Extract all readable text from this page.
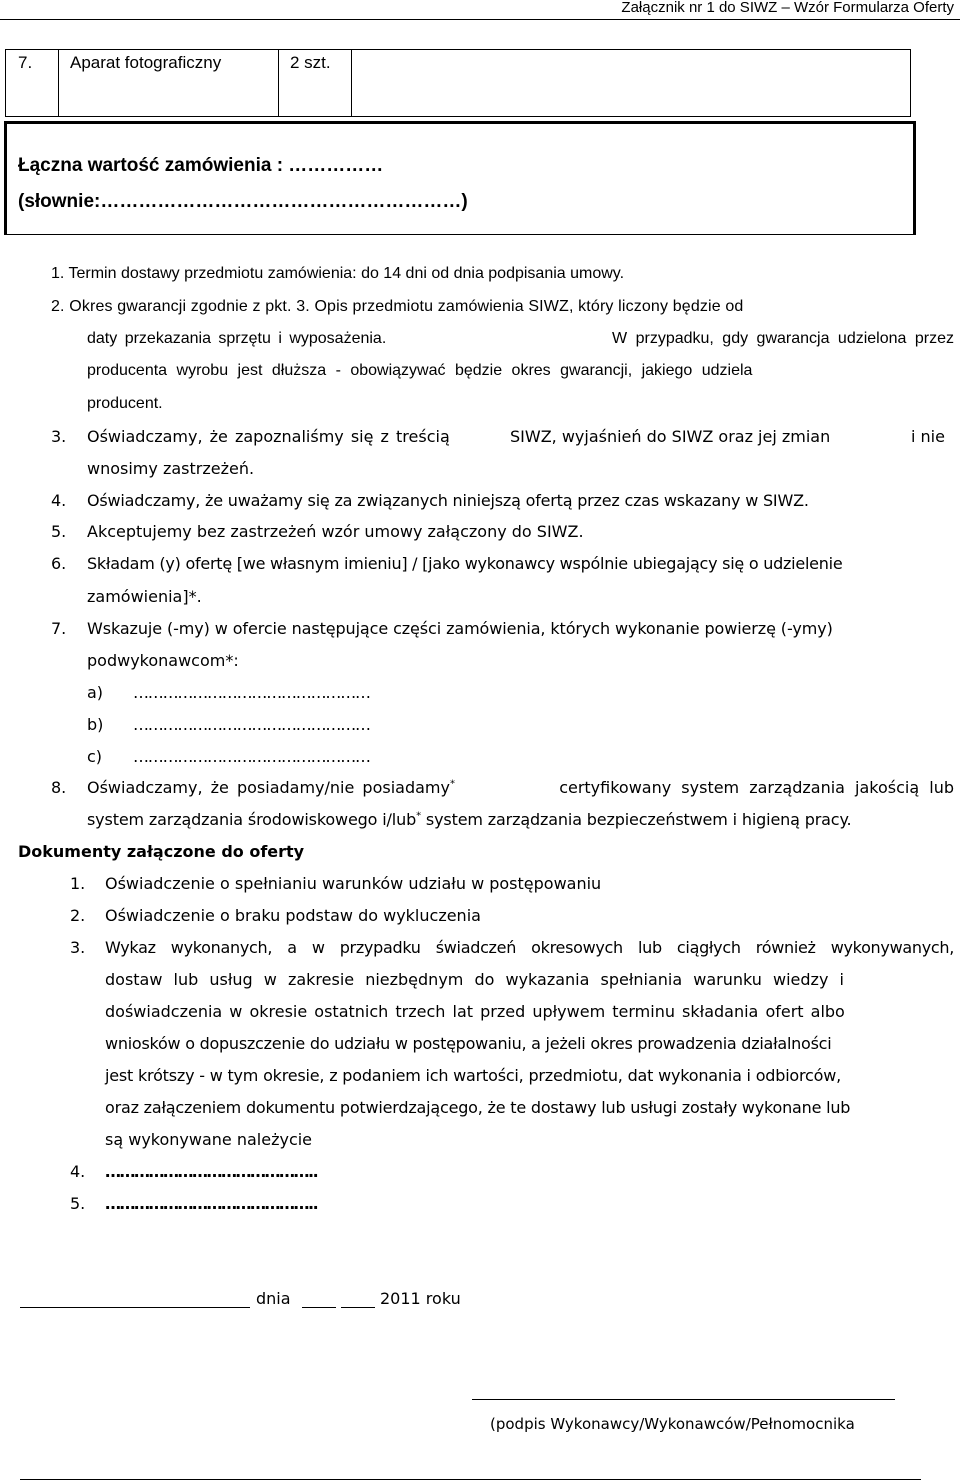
Załącznik nr 1 do SIWZ – Wzór Formularza Oferty
7. Aparat fotograficzny	2 szt.
Łączna wartość zamówienia : ……………
(słownie:…………………………………………………)
1. Termin dostawy przedmiotu zamówienia: do 14 dni od dnia podpisania umowy.
2. Okres gwarancji zgodnie z pkt. 3. Opis przedmiotu zamówienia SIWZ, który liczony będzie od
daty przekazania sprzętu i wyposażenia.	W przypadku, gdy gwarancja udzielona przez
producenta wyrobu jest dłuższa - obowiązywać będzie okres gwarancji, jakiego udziela
producent.
3. Oświadczamy, że zapoznaliśmy się z treścią	SIWZ, wyjaśnień do SIWZ oraz jej zmian	i nie
wnosimy zastrzeżeń.
4. Oświadczamy, że uważamy się za związanych niniejszą ofertą przez czas wskazany w SIWZ.
5. Akceptujemy bez zastrzeżeń wzór umowy załączony do SIWZ.
6. Składam (y) ofertę [we własnym imieniu] / [jako wykonawcy wspólnie ubiegający się o udzielenie
zamówienia]*.
7. Wskazuje (-my) w ofercie następujące części zamówienia, których wykonanie powierzę (-ymy)
podwykonawcom*:
a) …………………………………………
b) …………………………………………
c) …………………………………………
8. Oświadczamy, że posiadamy/nie posiadamy*	certyfikowany system zarządzania jakością lub
system zarządzania środowiskowego i/lub* system zarządzania bezpieczeństwem i higieną pracy.
Dokumenty załączone do oferty
1. Oświadczenie o spełnianiu warunków udziału w postępowaniu
2. Oświadczenie o braku podstaw do wykluczenia
3. Wykaz wykonanych, a w przypadku świadczeń okresowych lub ciągłych również wykonywanych,
dostaw lub usług w zakresie niezbędnym do wykazania spełniania warunku wiedzy i
doświadczenia w okresie ostatnich trzech lat przed upływem terminu składania ofert albo
wniosków o dopuszczenie do udziału w postępowaniu, a jeżeli okres prowadzenia działalności
jest krótszy - w tym okresie, z podaniem ich wartości, przedmiotu, dat wykonania i odbiorców,
oraz załączeniem dokumentu potwierdzającego, że te dostawy lub usługi zostały wykonane lub
są wykonywane należycie
4. ……………………………………..
5. ……………………………………..
dnia	2011 roku
(podpis Wykonawcy/Wykonawców/Pełnomocnika
